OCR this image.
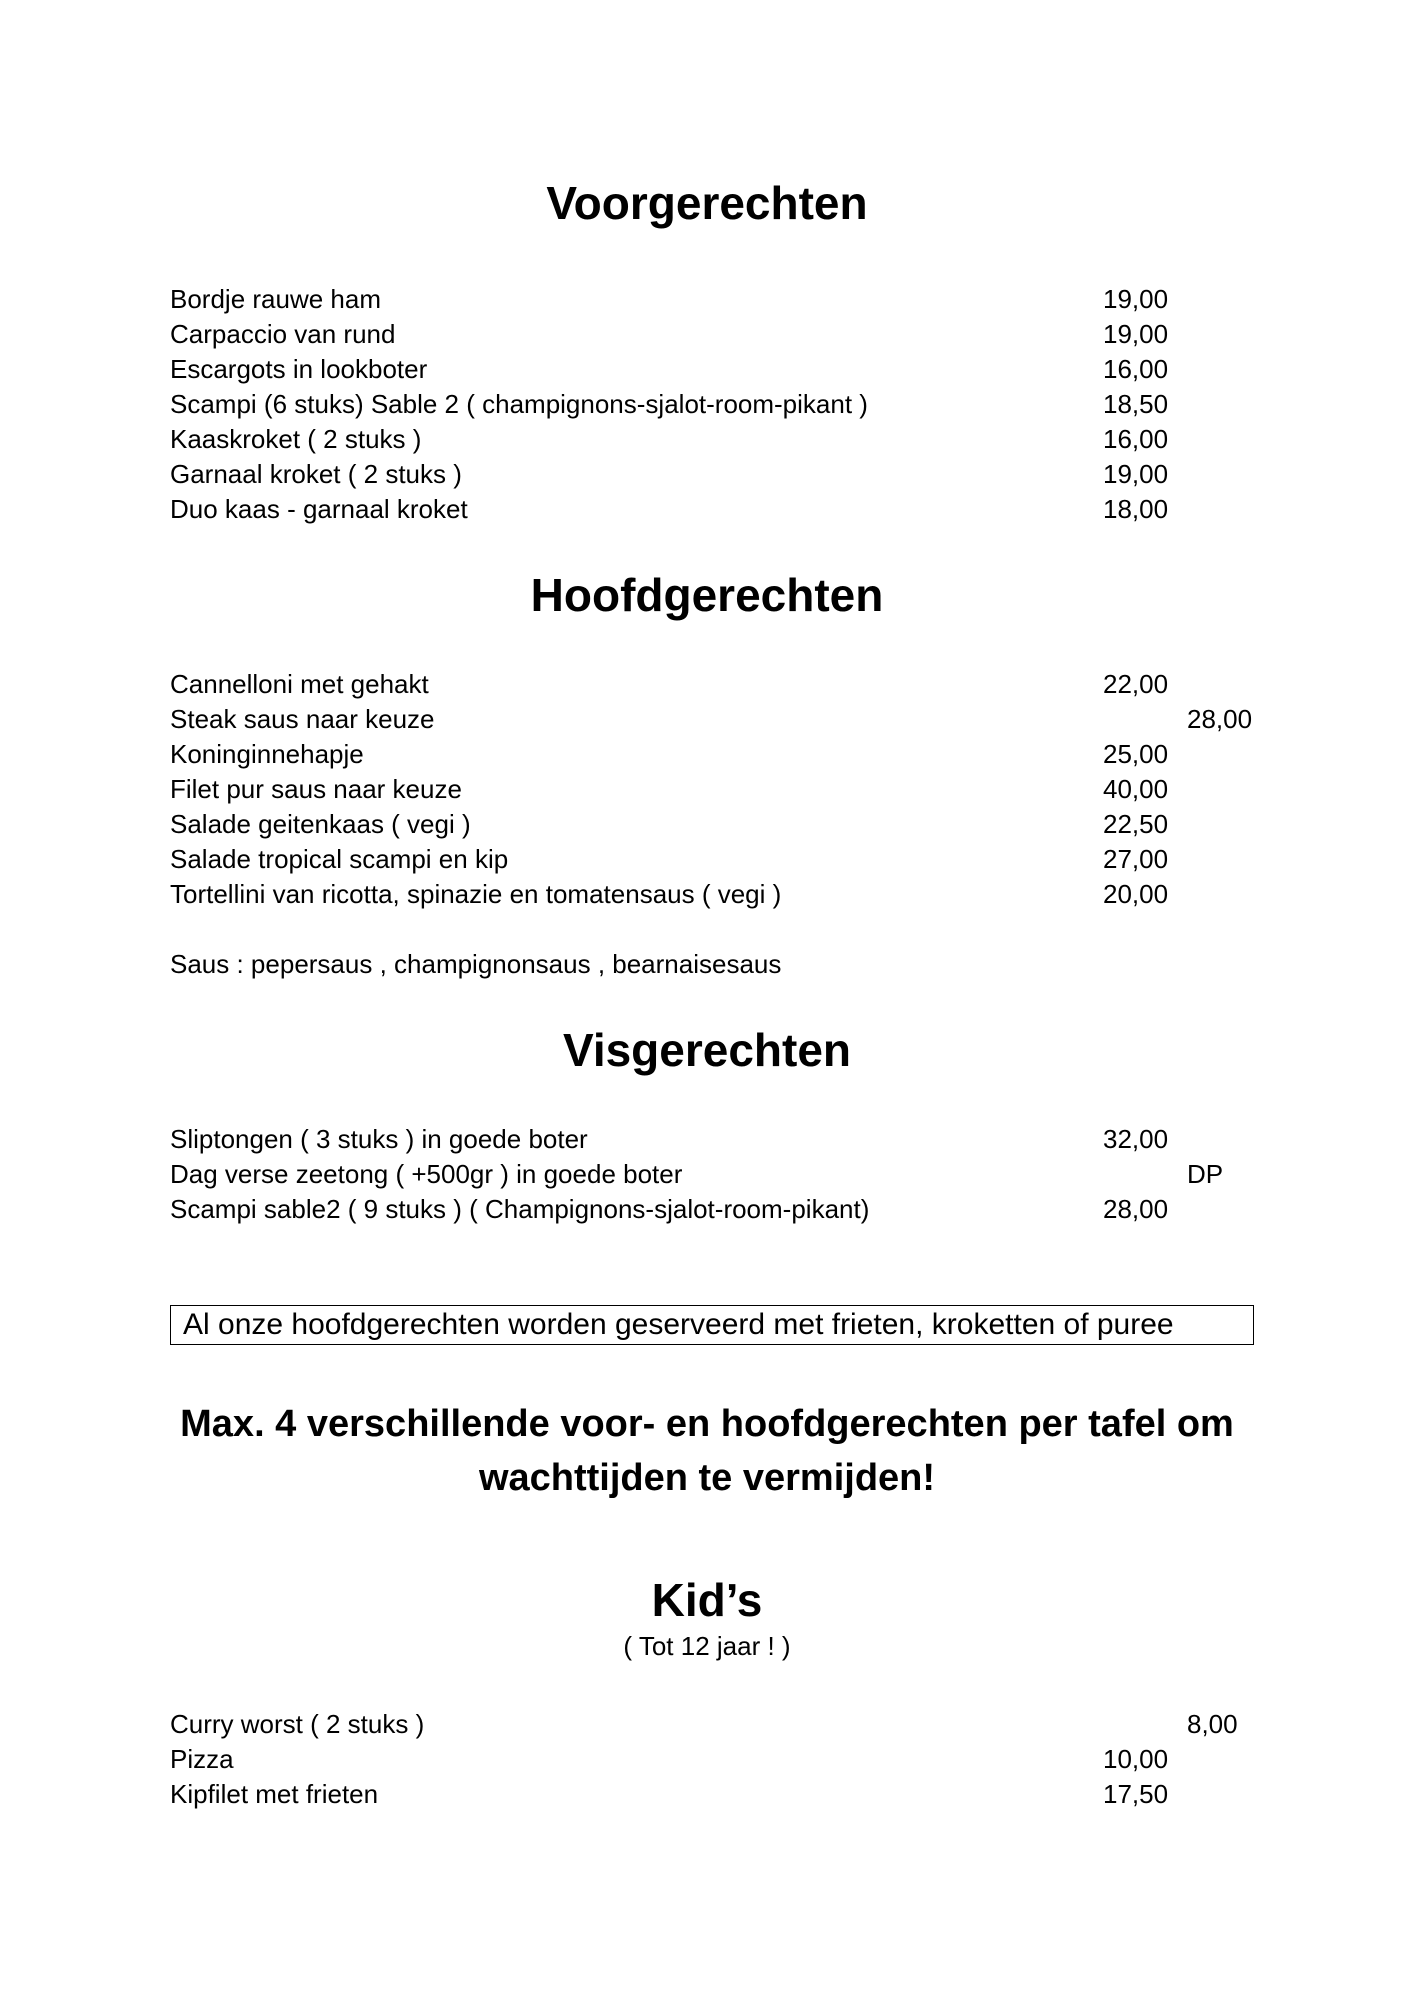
Voorgerechten
Bordje rauwe ham	19,00
Carpaccio van rund	19,00
Escargots in lookboter	16,00
Scampi (6 stuks) Sable 2 ( champignons-sjalot-room-pikant )	18,50
Kaaskroket ( 2 stuks )	16,00
Garnaal kroket ( 2 stuks )	19,00
Duo kaas - garnaal kroket	18,00
Hoofdgerechten
Cannelloni met gehakt	22,00
Steak saus naar keuze	28,00
Koninginnehapje	25,00
Filet pur saus naar keuze	40,00
Salade geitenkaas ( vegi )	22,50
Salade tropical scampi en kip	27,00
Tortellini van ricotta, spinazie en tomatensaus ( vegi )	20,00
Saus : pepersaus , champignonsaus , bearnaisesaus
Visgerechten
Sliptongen ( 3 stuks ) in goede boter	32,00
Dag verse zeetong ( +500gr ) in goede boter	DP
Scampi sable2 ( 9 stuks ) ( Champignons-sjalot-room-pikant)	28,00
Al onze hoofdgerechten worden geserveerd met frieten, kroketten of puree
Max. 4 verschillende voor- en hoofdgerechten per tafel om
wachttijden te vermijden!
Kid’s
( Tot 12 jaar ! )
Curry worst ( 2 stuks )	8,00
Pizza	10,00
Kipfilet met frieten	17,50
